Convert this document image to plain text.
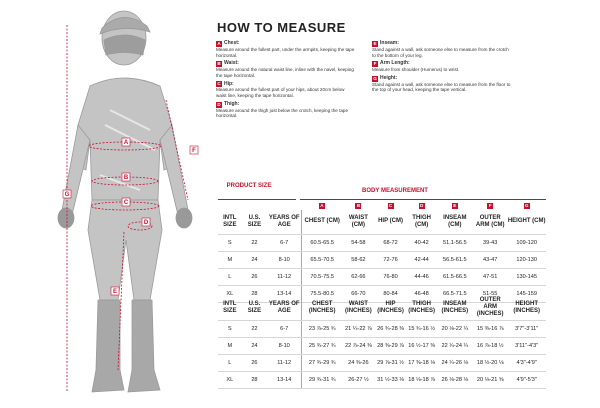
A
B
C
D
E
F
G
HOW TO MEASURE
A Chest:
Measure around the fullest part, under the armpits, keeping the tape horizontal.
B Waist:
Measure around the natural waist line, inline with the navel, keeping the tape horizontal.
C Hip:
Measure around the fullest part of your hips, about 20cm below waist line, keeping the tape horizontal.
D Thigh:
Measure around the thigh just below the crotch, keeping the tape horizontal.
E Inseam:
Stand against a wall, ask someone else to measure from the crotch to the bottom of your leg.
F Arm Length:
Measure from shoulder (Humerus) to wrist.
G Height:
Stand against a wall, ask someone else to measure from the floor to the top of your head, keeping the tape vertical.
PRODUCT SIZE
BODY MEASUREMENT
			A	B	C	D	E	F	G
INTL SIZE	U.S. SIZE	YEARS OF AGE	CHEST (CM)	WAIST (CM)	HIP (CM)	THIGH (CM)	INSEAM (CM)	OUTER ARM (CM)	HEIGHT (CM)
S	22	6-7	60.5-65.5	54-58	68-72	40-42	51.1-56.5	39-43	109-120
M	24	8-10	65.5-70.5	58-62	72-76	42-44	56.5-61.5	43-47	120-130
L	26	11-12	70.5-75.5	62-66	76-80	44-46	61.5-66.5	47-51	130-145
XL	28	13-14	75.5-80.5	66-70	80-84	46-48	66.5-71.5	51-55	145-159
INTL SIZE	U.S. SIZE	YEARS OF AGE	CHEST (INCHES)	WAIST (INCHES)	HIP (INCHES)	THIGH (INCHES)	INSEAM (INCHES)	OUTER ARM (INCHES)	HEIGHT (INCHES)
S	22	6-7	23 ⅞-25 ¾	21 ¼-22 ⅞	26 ¾-28 ⅜	15 ¾-16 ½	20 ⅛-22 ¼	15 ⅜-16 ⅞	3'7"-3'11"
M	24	8-10	25 ¾-27 ¾	22 ⅞-24 ⅜	28 ⅜-29 ⅞	16 ½-17 ⅜	22 ¼-24 ¼	16 ⅞-18 ½	3'11"-4'3"
L	26	11-12	27 ¾-29 ¾	24 ⅜-26	29 ⅞-31 ½	17 ⅜-18 ⅛	24 ¼-26 ⅛	18 ½-20 ⅛	4'3"-4'9"
XL	28	13-14	29 ¾-31 ¾	26-27 ½	31 ½-33 ⅛	18 ⅛-18 ⅞	26 ⅛-28 ⅛	20 ⅛-21 ⅝	4'9"-5'3"
